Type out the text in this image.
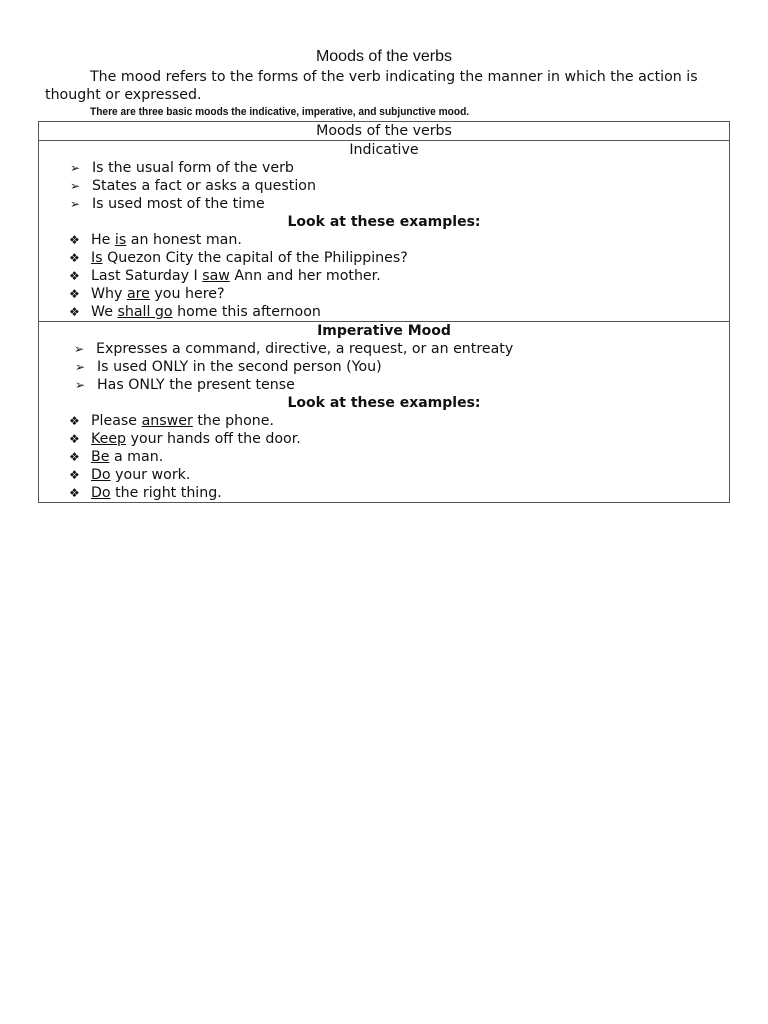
Moods of the verbs
The mood refers to the forms of the verb indicating the manner in which the action is thought or expressed.
There are three basic moods the indicative, imperative, and subjunctive mood.
Moods of the verbs
Indicative
➢ Is the usual form of the verb
➢ States a fact or asks a question
➢ Is used most of the time
Look at these examples:
❖ He is an honest man.
❖ Is Quezon City the capital of the Philippines?
❖ Last Saturday I saw Ann and her mother.
❖ Why are you here?
❖ We shall go home this afternoon
Imperative Mood
➢ Expresses a command, directive, a request, or an entreaty
➢ Is used ONLY in the second person (You)
➢ Has ONLY the present tense
Look at these examples:
❖ Please answer the phone.
❖ Keep your hands off the door.
❖ Be a man.
❖ Do your work.
❖ Do the right thing.
